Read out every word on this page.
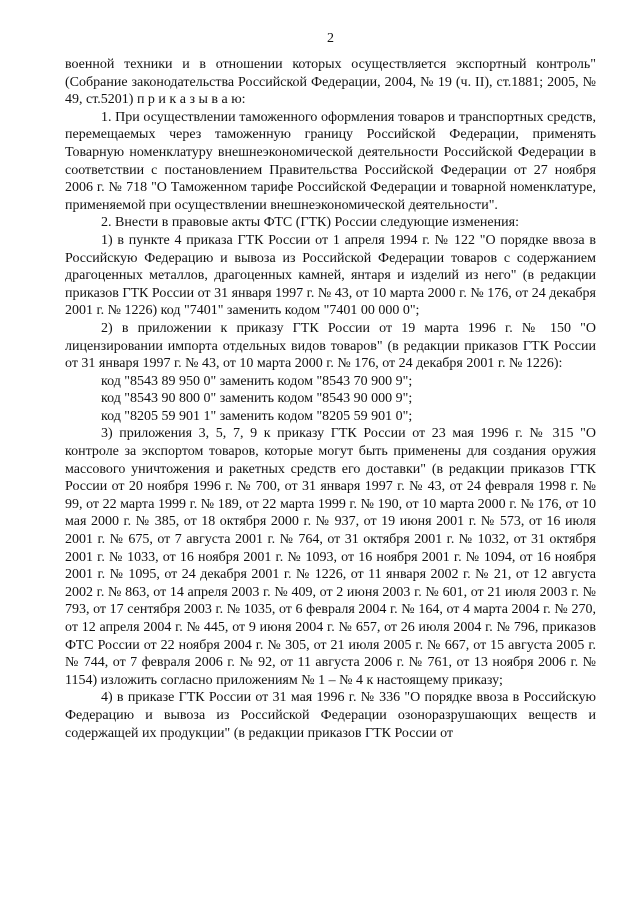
2

военной техники и в отношении которых осуществляется экспортный контроль" (Собрание законодательства Российской Федерации, 2004, № 19 (ч. II), ст.1881; 2005, № 49, ст.5201) п р и к а з ы в а ю:

1. При осуществлении таможенного оформления товаров и транспортных средств, перемещаемых через таможенную границу Российской Федерации, применять Товарную номенклатуру внешнеэкономической деятельности Российской Федерации в соответствии с постановлением Правительства Российской Федерации от 27 ноября 2006 г. № 718 "О Таможенном тарифе Российской Федерации и товарной номенклатуре, применяемой при осуществлении внешнеэкономической деятельности".

2. Внести в правовые акты ФТС (ГТК) России следующие изменения:

1) в пункте 4 приказа ГТК России от 1 апреля 1994 г. № 122 "О порядке ввоза в Российскую Федерацию и вывоза из Российской Федерации товаров с содержанием драгоценных металлов, драгоценных камней, янтаря и изделий из него" (в редакции приказов ГТК России от 31 января 1997 г. № 43, от 10 марта 2000 г. № 176, от 24 декабря 2001 г. № 1226) код "7401" заменить кодом "7401 00 000 0";

2) в приложении к приказу ГТК России от 19 марта 1996 г. № 150 "О лицензировании импорта отдельных видов товаров" (в редакции приказов ГТК России от 31 января 1997 г. № 43, от 10 марта 2000 г. № 176, от 24 декабря 2001 г. № 1226):

код "8543 89 950 0" заменить кодом "8543 70 900 9";

код "8543 90 800 0" заменить кодом "8543 90 000 9";

код "8205 59 901 1" заменить кодом "8205 59 901 0";

3) приложения 3, 5, 7, 9 к приказу ГТК России от 23 мая 1996 г. № 315 "О контроле за экспортом товаров, которые могут быть применены для создания оружия массового уничтожения и ракетных средств его доставки" (в редакции приказов ГТК России от 20 ноября 1996 г. № 700, от 31 января 1997 г. № 43, от 24 февраля 1998 г. № 99, от 22 марта 1999 г. № 189, от 22 марта 1999 г. № 190, от 10 марта 2000 г. № 176, от 10 мая 2000 г. № 385, от 18 октября 2000 г. № 937, от 19 июня 2001 г. № 573, от 16 июля 2001 г. № 675, от 7 августа 2001 г. № 764, от 31 октября 2001 г. № 1032, от 31 октября 2001 г. № 1033, от 16 ноября 2001 г. № 1093, от 16 ноября 2001 г. № 1094, от 16 ноября 2001 г. № 1095, от 24 декабря 2001 г. № 1226, от 11 января 2002 г. № 21, от 12 августа 2002 г. № 863, от 14 апреля 2003 г. № 409, от 2 июня 2003 г. № 601, от 21 июля 2003 г. № 793, от 17 сентября 2003 г. № 1035, от 6 февраля 2004 г. № 164, от 4 марта 2004 г. № 270, от 12 апреля 2004 г. № 445, от 9 июня 2004 г. № 657, от 26 июля 2004 г. № 796, приказов ФТС России от 22 ноября 2004 г. № 305, от 21 июля 2005 г. № 667, от 15 августа 2005 г. № 744, от 7 февраля 2006 г. № 92, от 11 августа 2006 г. № 761, от 13 ноября 2006 г. № 1154) изложить согласно приложениям № 1 – № 4 к настоящему приказу;

4) в приказе ГТК России от 31 мая 1996 г. № 336 "О порядке ввоза в Российскую Федерацию и вывоза из Российской Федерации озоноразрушающих веществ и содержащей их продукции" (в редакции приказов ГТК России от
